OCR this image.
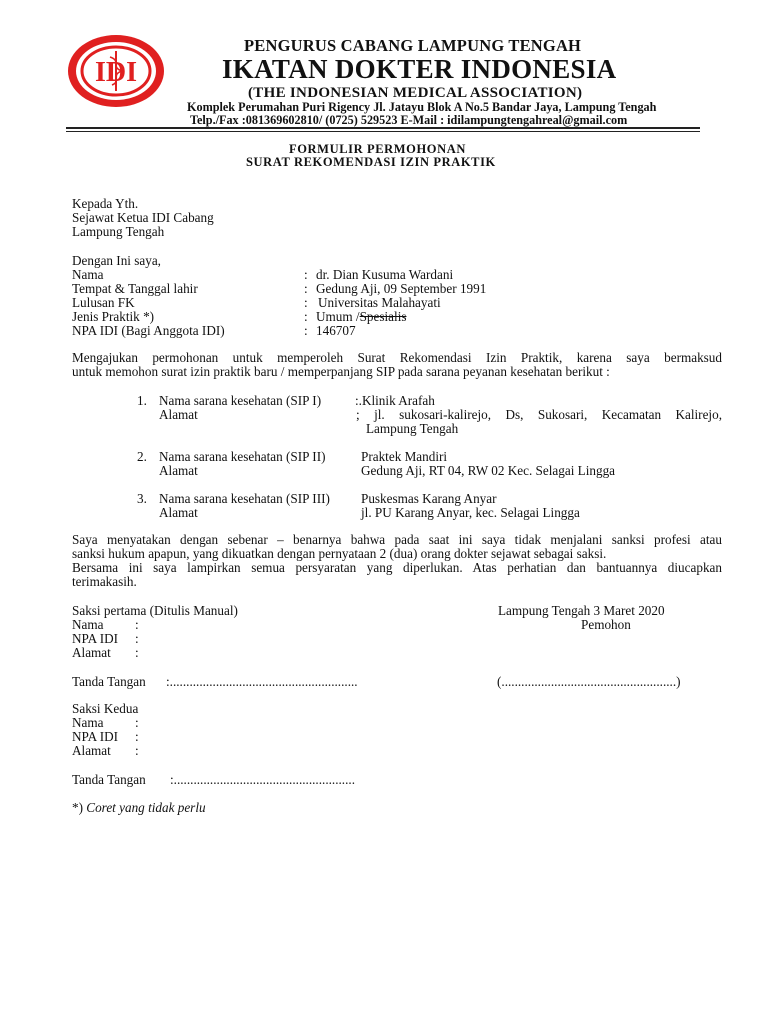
IDI
PENGURUS CABANG LAMPUNG TENGAH
IKATAN DOKTER INDONESIA
(THE INDONESIAN MEDICAL ASSOCIATION)
Komplek Perumahan Puri Rigency Jl. Jatayu Blok A No.5 Bandar Jaya, Lampung Tengah
Telp./Fax :081369602810/ (0725) 529523 E-Mail : idilampungtengahreal@gmail.com
FORMULIR PERMOHONAN
SURAT REKOMENDASI IZIN PRAKTIK
Kepada Yth.
Sejawat Ketua IDI Cabang
Lampung Tengah
Dengan Ini saya,
Nama	: dr. Dian Kusuma Wardani
Tempat & Tanggal lahir	: Gedung Aji, 09 September 1991
Lulusan FK	: Universitas Malahayati
Jenis Praktik *)	: Umum /Spesialis
NPA IDI (Bagi Anggota IDI)	: 146707
Mengajukan permohonan untuk memperoleh Surat Rekomendasi Izin Praktik, karena saya bermaksud
untuk memohon surat izin praktik baru / memperpanjang SIP pada sarana peyanan kesehatan berikut :
1. Nama sarana kesehatan (SIP I)	:.Klinik Arafah
Alamat	; jl. sukosari-kalirejo, Ds, Sukosari, Kecamatan Kalirejo,
Lampung Tengah
2. Nama sarana kesehatan (SIP II)	Praktek Mandiri
Alamat	Gedung Aji, RT 04, RW 02 Kec. Selagai Lingga
3. Nama sarana kesehatan (SIP III) Puskesmas Karang Anyar
Alamat	jl. PU Karang Anyar, kec. Selagai Lingga
Saya menyatakan dengan sebenar – benarnya bahwa pada saat ini saya tidak menjalani sanksi profesi atau
sanksi hukum apapun, yang dikuatkan dengan pernyataan 2 (dua) orang dokter sejawat sebagai saksi.
Bersama ini saya lampirkan semua persyaratan yang diperlukan. Atas perhatian dan bantuannya diucapkan
terimakasih.
Saksi pertama (Ditulis Manual)	Lampung Tengah 3 Maret 2020
Pemohon
Nama :
NPA IDI :
Alamat :
Tanda Tangan :.........................................................	(.....................................................)
Saksi Kedua
Nama :
NPA IDI :
Alamat :
Tanda Tangan :.......................................................
*) Coret yang tidak perlu
